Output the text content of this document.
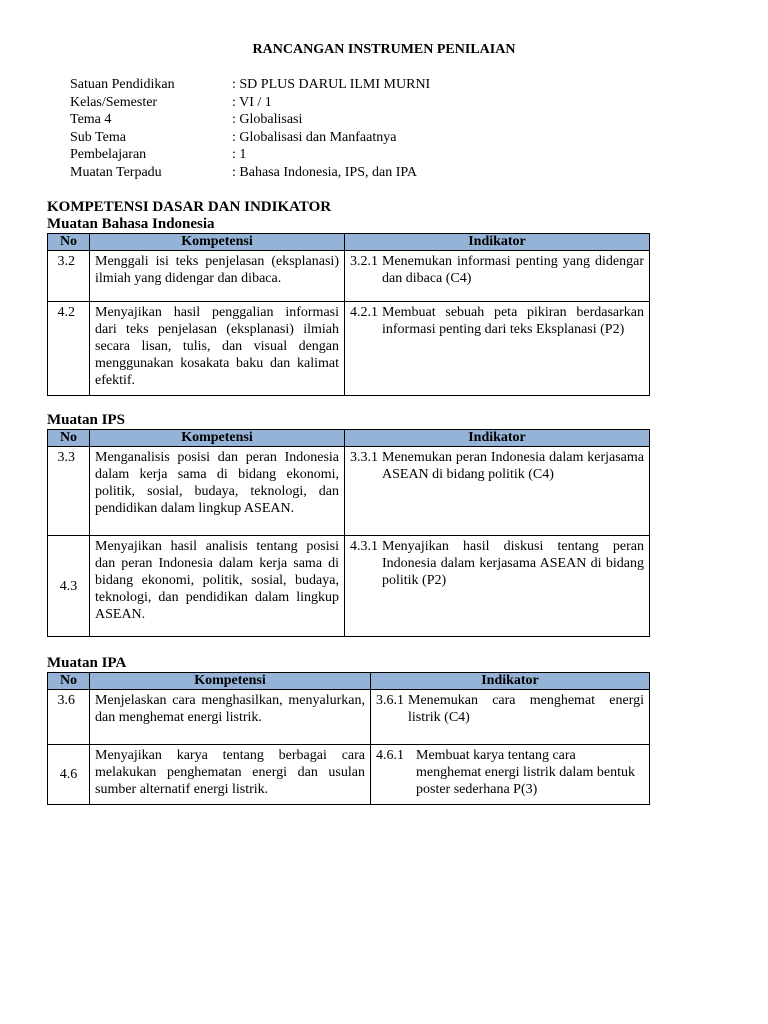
RANCANGAN INSTRUMEN PENILAIAN
Satuan Pendidikan	: SD PLUS DARUL ILMI MURNI
Kelas/Semester	: VI / 1
Tema 4	: Globalisasi
Sub Tema	: Globalisasi dan Manfaatnya
Pembelajaran	: 1
Muatan Terpadu	: Bahasa Indonesia, IPS, dan IPA
KOMPETENSI DASAR DAN INDIKATOR
Muatan Bahasa Indonesia
No	Kompetensi	Indikator
3.2	Menggali isi teks penjelasan (eksplanasi) ilmiah yang didengar dan dibaca.	3.2.1 Menemukan informasi penting yang didengar dan dibaca (C4)

4.2	Menyajikan hasil penggalian informasi dari teks penjelasan (eksplanasi) ilmiah secara lisan, tulis, dan visual dengan menggunakan kosakata baku dan kalimat efektif.	4.2.1 Membuat sebuah peta pikiran berdasarkan informasi penting dari teks Eksplanasi (P2)
Muatan IPS
No	Kompetensi	Indikator
3.3	Menganalisis posisi dan peran Indonesia dalam kerja sama di bidang ekonomi, politik, sosial, budaya, teknologi, dan pendidikan dalam lingkup ASEAN.	3.3.1 Menemukan peran Indonesia dalam kerjasama ASEAN di bidang politik (C4)

4.3	Menyajikan hasil analisis tentang posisi dan peran Indonesia dalam kerja sama di bidang ekonomi, politik, sosial, budaya, teknologi, dan pendidikan dalam lingkup ASEAN.	4.3.1 Menyajikan hasil diskusi tentang peran Indonesia dalam kerjasama ASEAN di bidang politik (P2)
Muatan IPA
No	Kompetensi	Indikator
3.6	Menjelaskan cara menghasilkan, menyalurkan, dan menghemat energi listrik.	3.6.1 Menemukan cara menghemat energi listrik (C4)

4.6	Menyajikan karya tentang berbagai cara melakukan penghematan energi dan usulan sumber alternatif energi listrik.	4.6.1 Membuat karya tentang cara menghemat energi listrik dalam bentuk poster sederhana P(3)
